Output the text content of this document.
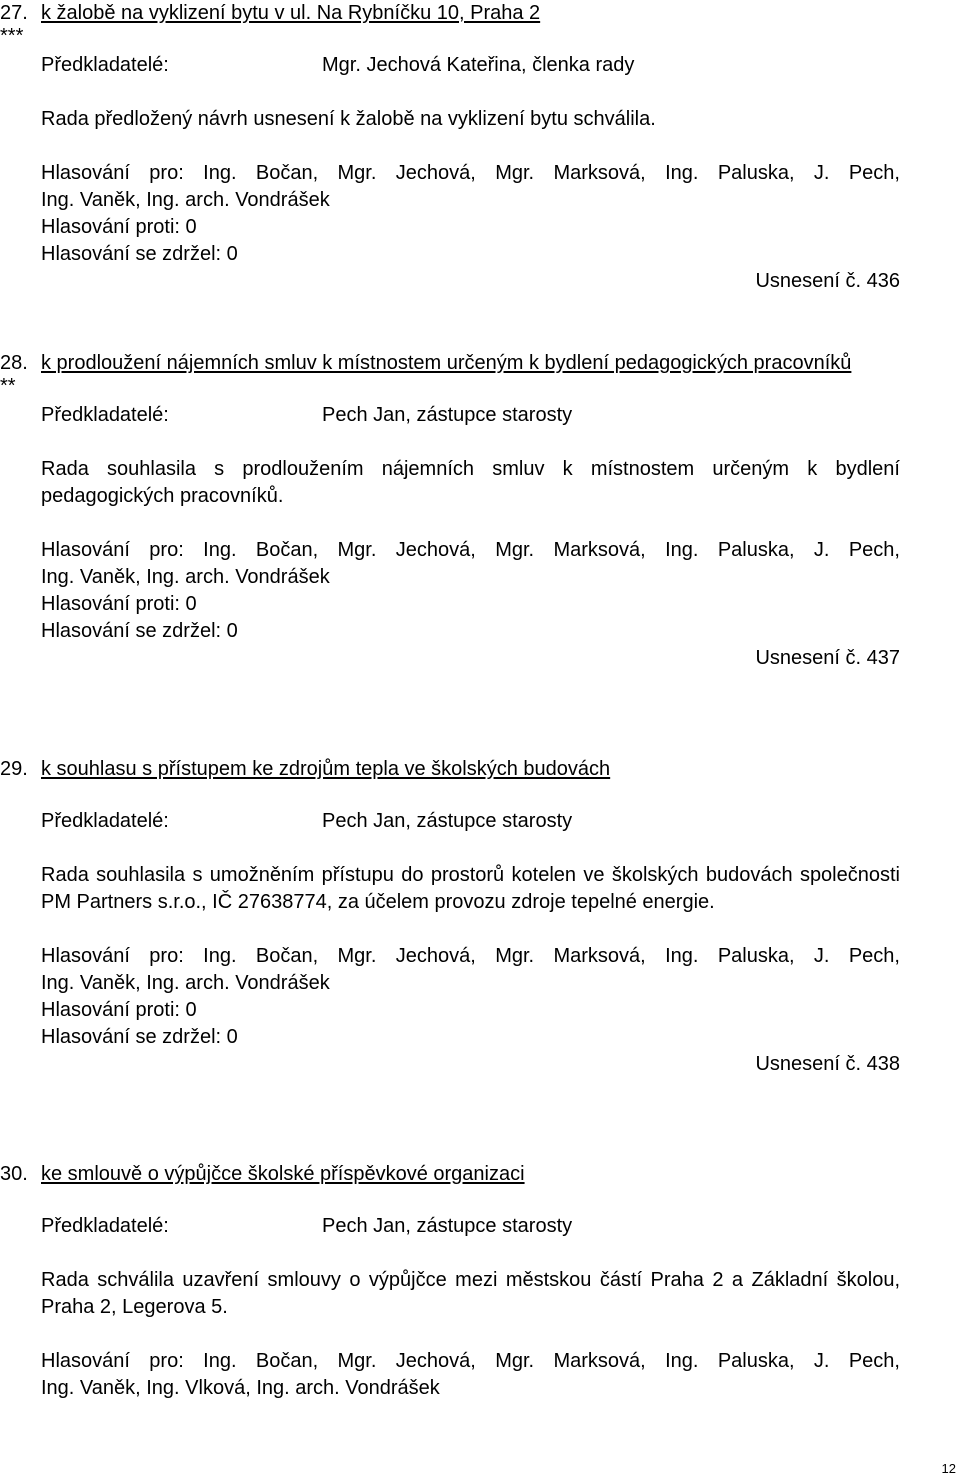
27.
***
k žalobě na vyklizení bytu v ul. Na Rybníčku 10, Praha 2
Předkladatelé:	Mgr. Jechová Kateřina, členka rady
Rada předložený návrh usnesení k žalobě na vyklizení bytu schválila.
Hlasování pro: Ing. Bočan, Mgr. Jechová, Mgr. Marksová, Ing. Paluska, J. Pech,
Ing. Vaněk, Ing. arch. Vondrášek
Hlasování proti: 0
Hlasování se zdržel: 0
Usnesení č. 436
28.
**
k prodloužení nájemních smluv k místnostem určeným k bydlení pedagogických pracovníků
Předkladatelé:	Pech Jan, zástupce starosty
Rada souhlasila s prodloužením nájemních smluv k místnostem určeným k bydlení pedagogických pracovníků.
Hlasování pro: Ing. Bočan, Mgr. Jechová, Mgr. Marksová, Ing. Paluska, J. Pech,
Ing. Vaněk, Ing. arch. Vondrášek
Hlasování proti: 0
Hlasování se zdržel: 0
Usnesení č. 437
29. k souhlasu s přístupem ke zdrojům tepla ve školských budovách
Předkladatelé:	Pech Jan, zástupce starosty
Rada souhlasila s umožněním přístupu do prostorů kotelen ve školských budovách společnosti PM Partners s.r.o., IČ 27638774, za účelem provozu zdroje tepelné energie.
Hlasování pro: Ing. Bočan, Mgr. Jechová, Mgr. Marksová, Ing. Paluska, J. Pech,
Ing. Vaněk, Ing. arch. Vondrášek
Hlasování proti: 0
Hlasování se zdržel: 0
Usnesení č. 438
30. ke smlouvě o výpůjčce školské příspěvkové organizaci
Předkladatelé:	Pech Jan, zástupce starosty
Rada schválila uzavření smlouvy o výpůjčce mezi městskou částí Praha 2 a Základní školou, Praha 2, Legerova 5.
Hlasování pro: Ing. Bočan, Mgr. Jechová, Mgr. Marksová, Ing. Paluska, J. Pech,
Ing. Vaněk, Ing. Vlková, Ing. arch. Vondrášek
12
